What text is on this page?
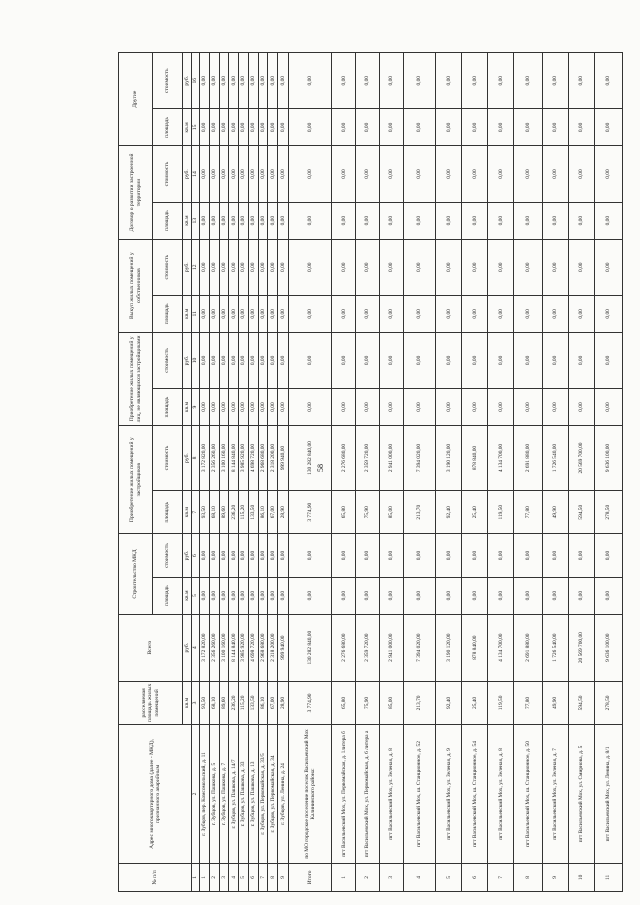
58
№ п/п	Адрес многоквартирного дома (далее - МКД), признанного аварийным	расселяемая площадь жилых помещений	Всего	Строительство МКД		Приобретение жилых помещений у застройщиков		Приобретение жилых помещений у лиц, не являющихся застройщиками		Выкуп жилых помещений у собственников		Договор о развитии застроенной территории		Другие	
				площадь	стоимость	площадь	стоимость	площадь	стоимость	площадь	стоимость	площадь	стоимость	площадь	стоимость
		кв.м	руб.	кв.м	руб.	кв.м	руб.	кв.м	руб.	кв.м	руб.	кв.м	руб.	кв.м	руб.
1	2	3	4	5	6	7	8	9	10	11	12	13	14	15	16
1	г. Зубцов, пер. Комсомольский, д. 11	93,50	3 172 820,00	0,00	0,00	93,50	3 172 820,00	0,00	0,00	0,00	0,00	0,00	0,00	0,00	0,00
2	г. Зубцов, ул. Пашкова, д. 5	68,10	2 356 260,00	0,00	0,00	68,10	2 356 260,00	0,00	0,00	0,00	0,00	0,00	0,00	0,00	0,00
3	г. Зубцов, ул. Пашкова, д. 7	89,60	3 100 160,00	0,00	0,00	89,60	3 100 160,00	0,00	0,00	0,00	0,00	0,00	0,00	0,00	0,00
4	г. Зубцов, ул. Пашкова, д. 14/7	236,20	8 144 840,00	0,00	0,00	236,20	8 144 840,00	0,00	0,00	0,00	0,00	0,00	0,00	0,00	0,00
5	г. Зубцов, ул. Пашкова, д. 33	115,20	3 985 920,00	0,00	0,00	115,20	3 985 920,00	0,00	0,00	0,00	0,00	0,00	0,00	0,00	0,00
6	г. Зубцов, ул. Пашкова, д. 13	133,50	4 698 720,00	0,00	0,00	133,50	4 698 720,00	0,00	0,00	0,00	0,00	0,00	0,00	0,00	0,00
7	г. Зубцов, ул. Первомайская, д. 33/5	86,10	2 968 680,00	0,00	0,00	86,10	2 968 680,00	0,00	0,00	0,00	0,00	0,00	0,00	0,00	0,00
8	г. Зубцов, ул. Первомайская, д. 34	67,00	2 318 200,00	0,00	0,00	67,00	2 318 200,00	0,00	0,00	0,00	0,00	0,00	0,00	0,00	0,00
9	г. Зубцов, ул. Ленина, д. 24	28,90	999 940,00	0,00	0,00	28,90	999 940,00	0,00	0,00	0,00	0,00	0,00	0,00	0,00	0,00
Итого	по МО городское поселение поселок Васильевский Мох Калининского района:	3 774,90	130 282 840,00	0,00	0,00	3 774,90	130 282 840,00	0,00	0,00	0,00	0,00	0,00	0,00	0,00	0,00
1	пгт Васильевский Мох, ул. Первомайская, д. 1литера б	65,80	2 276 680,00	0,00	0,00	65,80	2 276 680,00	0,00	0,00	0,00	0,00	0,00	0,00	0,00	0,00
2	пгт Васильевский Мох, ул. Первомайская, д. 6 литера а	75,90	2 359 720,00	0,00	0,00	75,90	2 359 720,00	0,00	0,00	0,00	0,00	0,00	0,00	0,00	0,00
3	пгт Васильевский Мох, ул. Зеленая, д. 8	85,00	2 941 000,00	0,00	0,00	85,00	2 941 000,00	0,00	0,00	0,00	0,00	0,00	0,00	0,00	0,00
4	пгт Васильевский Мох, ш. Станционное, д. 52	213,70	7 394 020,00	0,00	0,00	213,70	7 394 020,00	0,00	0,00	0,00	0,00	0,00	0,00	0,00	0,00
5	пгт Васильевский Мох, ул. Зеленая, д. 9	92,40	3 190 120,00	0,00	0,00	92,40	3 190 120,00	0,00	0,00	0,00	0,00	0,00	0,00	0,00	0,00
6	пгт Васильевский Мох, ш. Станционное, д. 54	25,40	878 840,00	0,00	0,00	25,40	878 840,00	0,00	0,00	0,00	0,00	0,00	0,00	0,00	0,00
7	пгт Васильевский Мох, ул. Зеленая, д. 8	119,50	4 134 700,00	0,00	0,00	119,50	4 134 700,00	0,00	0,00	0,00	0,00	0,00	0,00	0,00	0,00
8	пгт Васильевский Мох, ш. Станционное, д. 50	77,80	2 691 880,00	0,00	0,00	77,80	2 691 880,00	0,00	0,00	0,00	0,00	0,00	0,00	0,00	0,00
9	пгт Васильевский Мох, ул. Зеленая, д. 7	49,90	1 726 540,00	0,00	0,00	49,90	1 726 540,00	0,00	0,00	0,00	0,00	0,00	0,00	0,00	0,00
10	пгт Васильевский Мох, ул. Смирнова, д. 5	594,50	20 569 700,00	0,00	0,00	594,50	20 569 700,00	0,00	0,00	0,00	0,00	0,00	0,00	0,00	0,00
11	пгт Васильевский Мох, ул. Ленина, д. 8/1	278,50	9 636 100,00	0,00	0,00	278,50	9 636 100,00	0,00	0,00	0,00	0,00	0,00	0,00	0,00	0,00
